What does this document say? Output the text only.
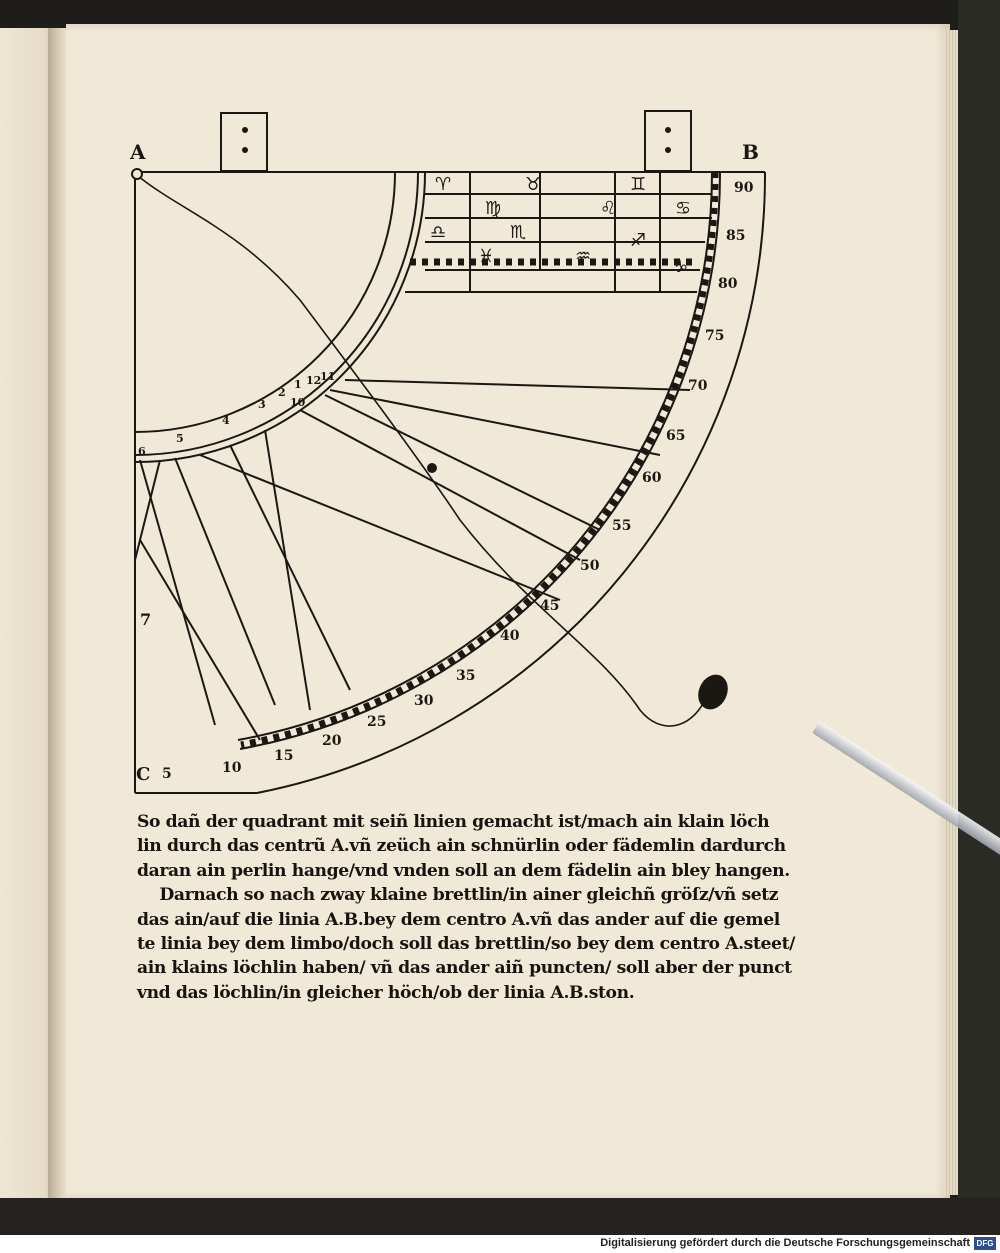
5	10
15
20
25
30
35
40
45
50
55
60
65
70
75
80
85
90
6
5
4
3
2
1 12
11
10
7
♈	♉	♊
♍	♌	♋
♎	♏	♐
♑
♓	♒
A	B
C
So dañ der quadrant mit seiñ linien gemacht ist/mach ain klain löch
lin durch das centrũ A.vñ zeüch ain schnürlin oder fädemlin dardurch
daran ain perlin hange/vnd vnden soll an dem fädelin ain bley hangen.
Darnach so nach zway klaine brettlin/in ainer gleichñ gröſz/vñ setz
das ain/auf die linia A.B.bey dem centro A.vñ das ander auf die gemel
te linia bey dem limbo/doch soll das brettlin/so bey dem centro A.steet/
ain klains löchlin haben/ vñ das ander aiñ puncten/ soll aber der punct
vnd das löchlin/in gleicher höch/ob der linia A.B.ston.
Digitalisierung gefördert durch die Deutsche Forschungsgemeinschaft DFG
